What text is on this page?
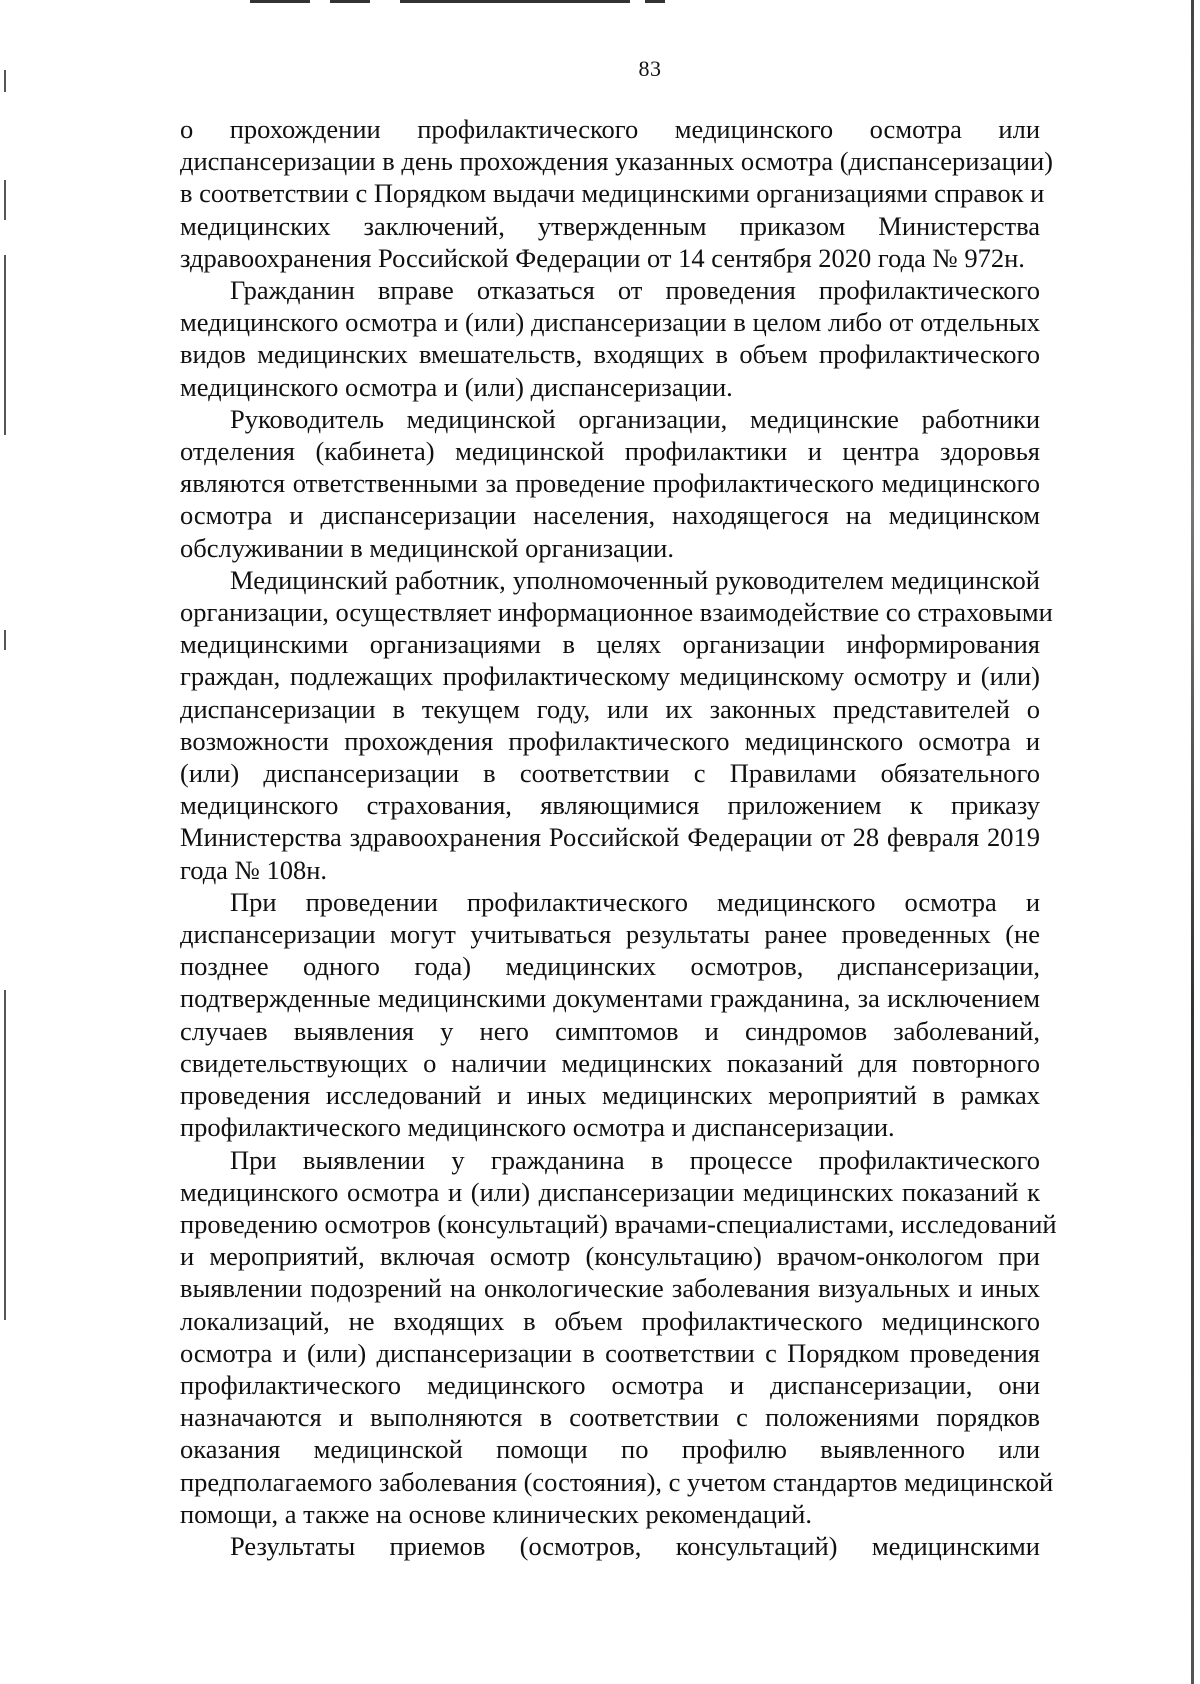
83

о прохождении профилактического медицинского осмотра или
диспансеризации в день прохождения указанных осмотра (диспансеризации)
в соответствии с Порядком выдачи медицинскими организациями справок и
медицинских заключений, утвержденным приказом Министерства
здравоохранения Российской Федерации от 14 сентября 2020 года № 972н.

Гражданин вправе отказаться от проведения профилактического
медицинского осмотра и (или) диспансеризации в целом либо от отдельных
видов медицинских вмешательств, входящих в объем профилактического
медицинского осмотра и (или) диспансеризации.

Руководитель медицинской организации, медицинские работники
отделения (кабинета) медицинской профилактики и центра здоровья
являются ответственными за проведение профилактического медицинского
осмотра и диспансеризации населения, находящегося на медицинском
обслуживании в медицинской организации.

Медицинский работник, уполномоченный руководителем медицинской
организации, осуществляет информационное взаимодействие со страховыми
медицинскими организациями в целях организации информирования
граждан, подлежащих профилактическому медицинскому осмотру и (или)
диспансеризации в текущем году, или их законных представителей о
возможности прохождения профилактического медицинского осмотра и
(или) диспансеризации в соответствии с Правилами обязательного
медицинского страхования, являющимися приложением к приказу
Министерства здравоохранения Российской Федерации от 28 февраля 2019
года № 108н.

При проведении профилактического медицинского осмотра и
диспансеризации могут учитываться результаты ранее проведенных (не
позднее одного года) медицинских осмотров, диспансеризации,
подтвержденные медицинскими документами гражданина, за исключением
случаев выявления у него симптомов и синдромов заболеваний,
свидетельствующих о наличии медицинских показаний для повторного
проведения исследований и иных медицинских мероприятий в рамках
профилактического медицинского осмотра и диспансеризации.

При выявлении у гражданина в процессе профилактического
медицинского осмотра и (или) диспансеризации медицинских показаний к
проведению осмотров (консультаций) врачами-специалистами, исследований
и мероприятий, включая осмотр (консультацию) врачом-онкологом при
выявлении подозрений на онкологические заболевания визуальных и иных
локализаций, не входящих в объем профилактического медицинского
осмотра и (или) диспансеризации в соответствии с Порядком проведения
профилактического медицинского осмотра и диспансеризации, они
назначаются и выполняются в соответствии с положениями порядков
оказания медицинской помощи по профилю выявленного или
предполагаемого заболевания (состояния), с учетом стандартов медицинской
помощи, а также на основе клинических рекомендаций.

Результаты приемов (осмотров, консультаций) медицинскими
